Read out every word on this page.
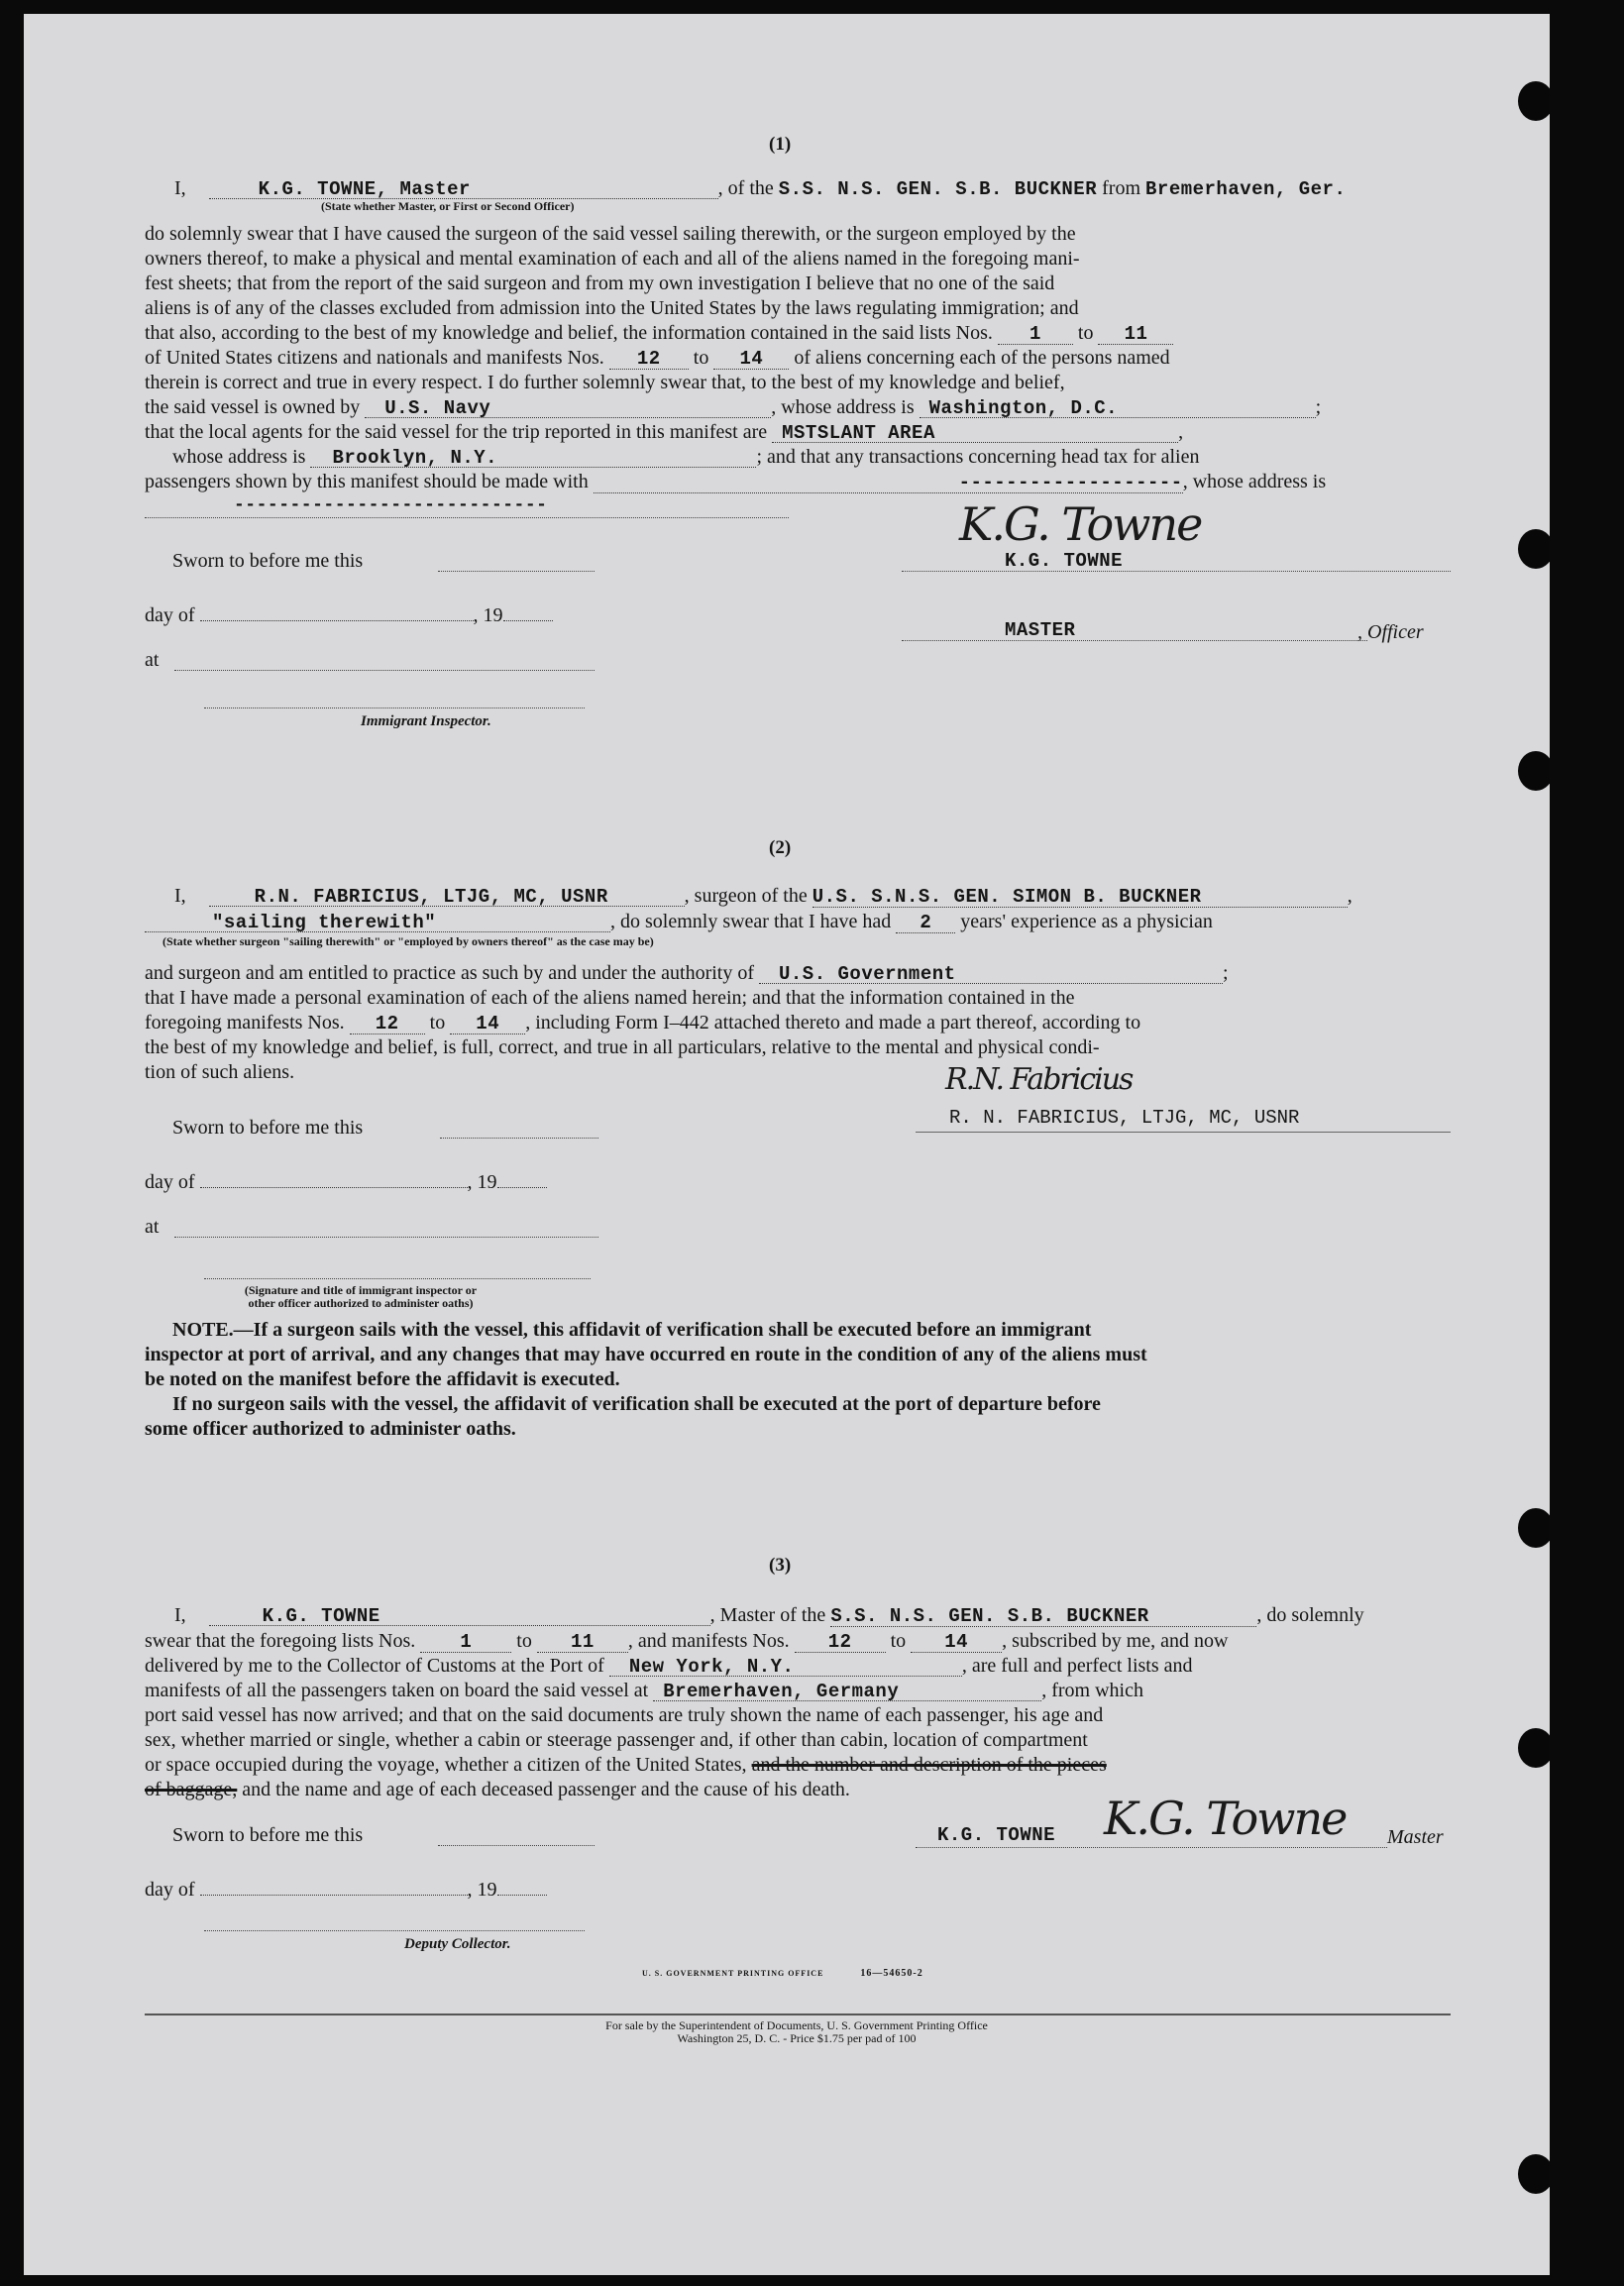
(1)
I,	K.G. TOWNE, Master	, of the S.S. N.S. GEN. S.B. BUCKNER from Bremerhaven, Ger.
(State whether Master, or First or Second Officer)
do solemnly swear that I have caused the surgeon of the said vessel sailing therewith, or the surgeon employed by the
owners thereof, to make a physical and mental examination of each and all of the aliens named in the foregoing mani-
fest sheets; that from the report of the said surgeon and from my own investigation I believe that no one of the said
aliens is of any of the classes excluded from admission into the United States by the laws regulating immigration; and
that also, according to the best of my knowledge and belief, the information contained in the said lists Nos. 1 to 11
of United States citizens and nationals and manifests Nos. 12 to 14 of aliens concerning each of the persons named
therein is correct and true in every respect. I do further solemnly swear that, to the best of my knowledge and belief,
the said vessel is owned by U.S. Navy	, whose address is Washington, D.C.	;
that the local agents for the said vessel for the trip reported in this manifest are MSTSLANT AREA	,
whose address is Brooklyn, N.Y.	; and that any transactions concerning head tax for alien
passengers shown by this manifest should be made with	-------------------, whose address is
----------------------------	K.G. Towne
K.G. TOWNE
Sworn to before me this
day of	, 19
MASTER	, Officer
at
Immigrant Inspector.
(2)
I,	R.N. FABRICIUS, LTJG, MC, USNR	, surgeon of the U.S. S.N.S. GEN. SIMON B. BUCKNER	,
"sailing therewith"	, do solemnly swear that I have had 2 years' experience as a physician
(State whether surgeon "sailing therewith" or "employed by owners thereof" as the case may be)
and surgeon and am entitled to practice as such by and under the authority of U.S. Government	;
that I have made a personal examination of each of the aliens named herein; and that the information contained in the
foregoing manifests Nos. 12 to 14 , including Form I–442 attached thereto and made a part thereof, according to
the best of my knowledge and belief, is full, correct, and true in all particulars, relative to the mental and physical condi-
tion of such aliens.	R.N. Fabricius
R. N. FABRICIUS, LTJG, MC, USNR
Sworn to before me this
day of	, 19
at
(Signature and title of immigrant inspector or
other officer authorized to administer oaths)
NOTE.—If a surgeon sails with the vessel, this affidavit of verification shall be executed before an immigrant
inspector at port of arrival, and any changes that may have occurred en route in the condition of any of the aliens must
be noted on the manifest before the affidavit is executed.
If no surgeon sails with the vessel, the affidavit of verification shall be executed at the port of departure before
some officer authorized to administer oaths.
(3)
I,	K.G. TOWNE	, Master of the S.S. N.S. GEN. S.B. BUCKNER	, do solemnly
swear that the foregoing lists Nos. 1 to 11 , and manifests Nos. 12 to 14 , subscribed by me, and now
delivered by me to the Collector of Customs at the Port of New York, N.Y.	, are full and perfect lists and
manifests of all the passengers taken on board the said vessel at Bremerhaven, Germany	, from which
port said vessel has now arrived; and that on the said documents are truly shown the name of each passenger, his age and
sex, whether married or single, whether a cabin or steerage passenger and, if other than cabin, location of compartment
or space occupied during the voyage, whether a citizen of the United States, and the number and description of the pieces
of baggage, and the name and age of each deceased passenger and the cause of his death.
Sworn to before me this	K.G. TOWNE K.G. Towne Master
day of	, 19
Deputy Collector.
U. S. GOVERNMENT PRINTING OFFICE	16—54650-2
For sale by the Superintendent of Documents, U. S. Government Printing Office
Washington 25, D. C. - Price $1.75 per pad of 100
